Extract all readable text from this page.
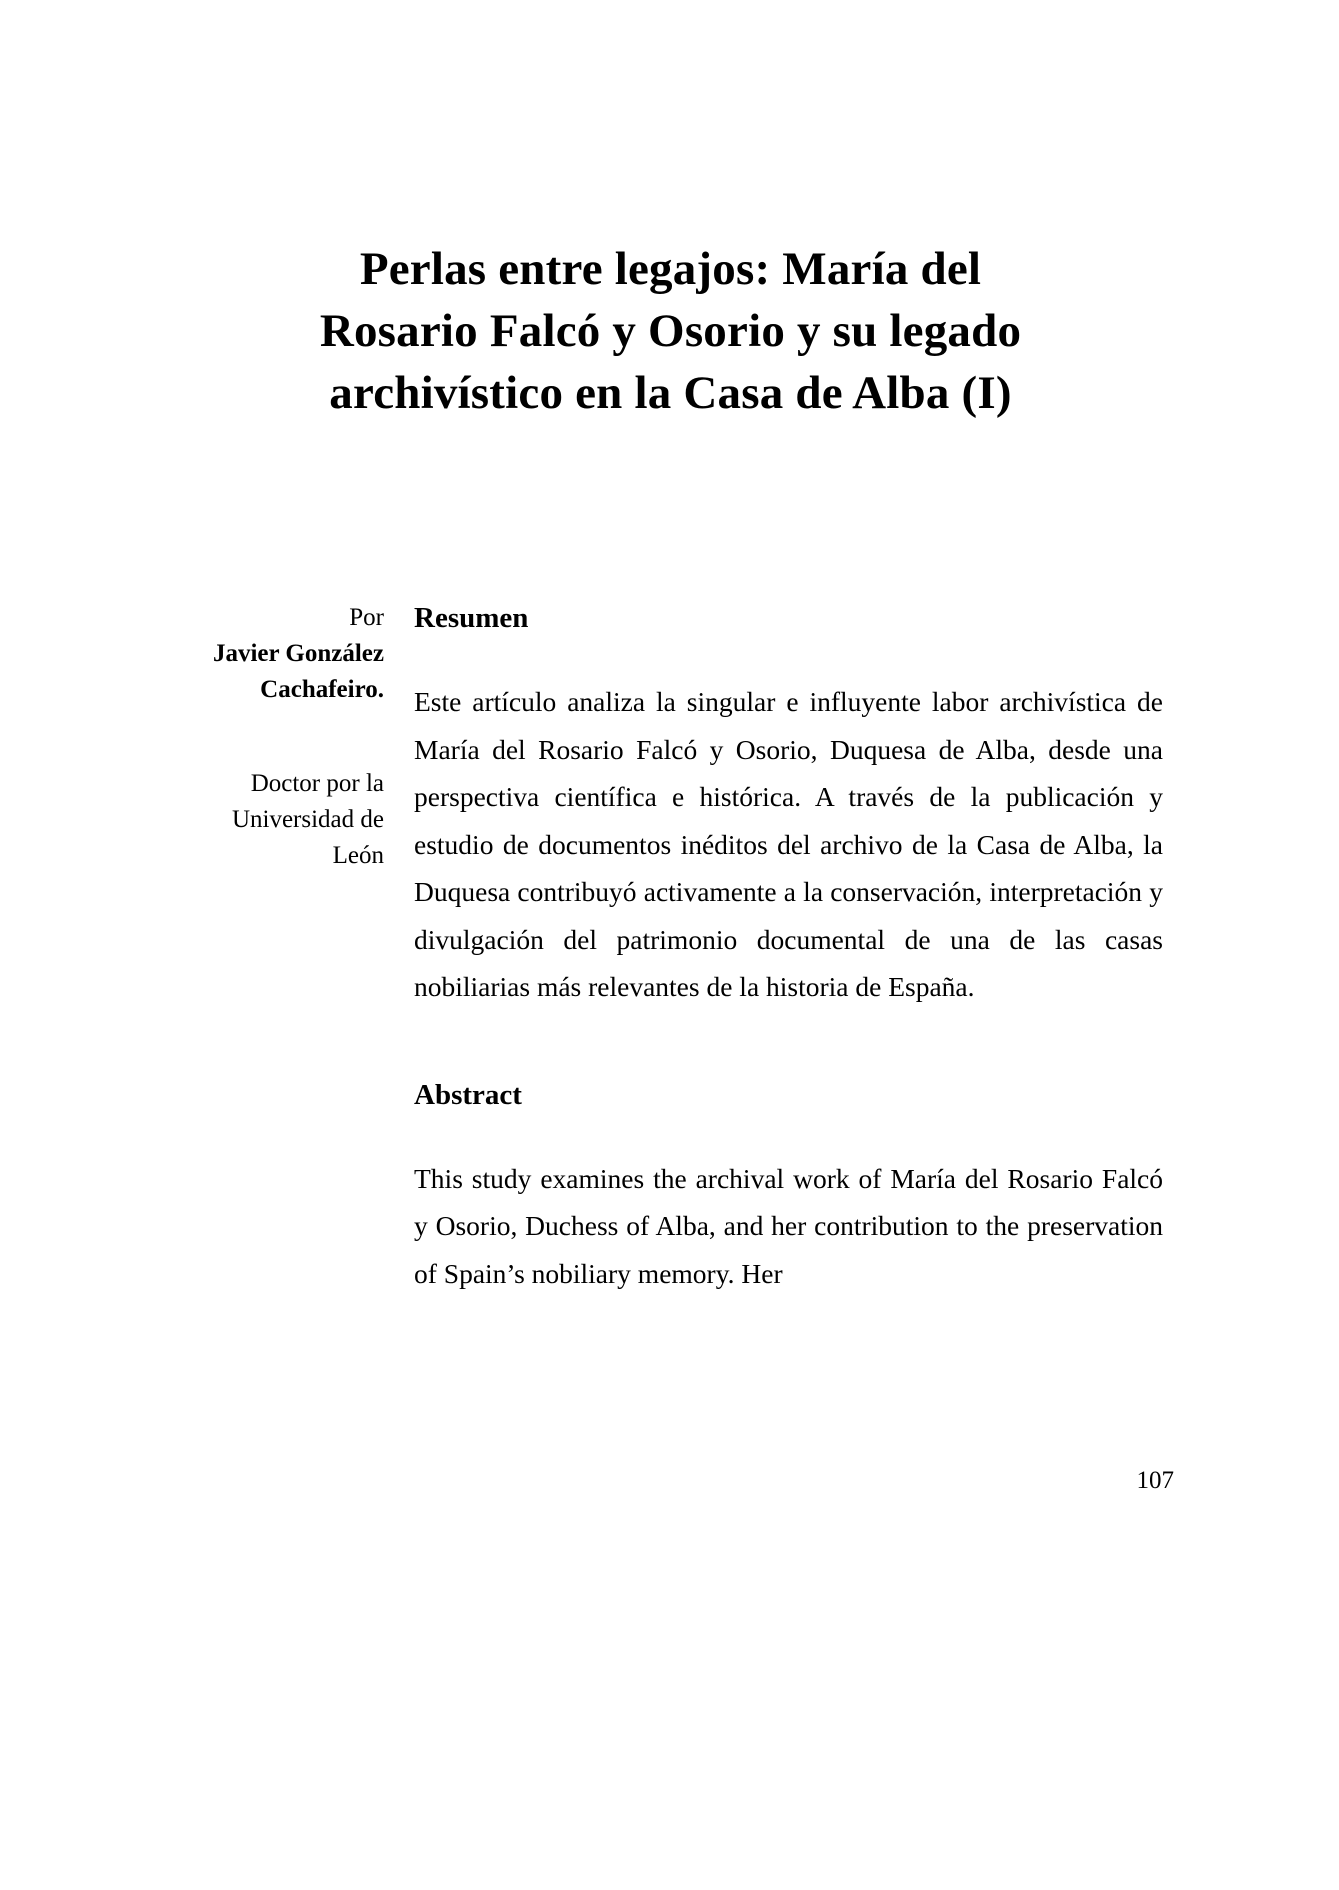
Perlas entre legajos: María del
Rosario Falcó y Osorio y su legado
archivístico en la Casa de Alba (I)
Por
Javier González Cachafeiro.
Doctor por la Universidad de León
Resumen

Este artículo analiza la singular e influyente labor archivística de María del Rosario Falcó y Osorio, Duquesa de Alba, desde una perspectiva científica e histórica. A través de la publicación y estudio de documentos inéditos del archivo de la Casa de Alba, la Duquesa contribuyó activamente a la conservación, interpretación y divulgación del patrimonio documental de una de las casas nobiliarias más relevantes de la historia de España.

Abstract

This study examines the archival work of María del Rosario Falcó y Osorio, Duchess of Alba, and her contribution to the preservation of Spain’s nobiliary memory. Her

107
